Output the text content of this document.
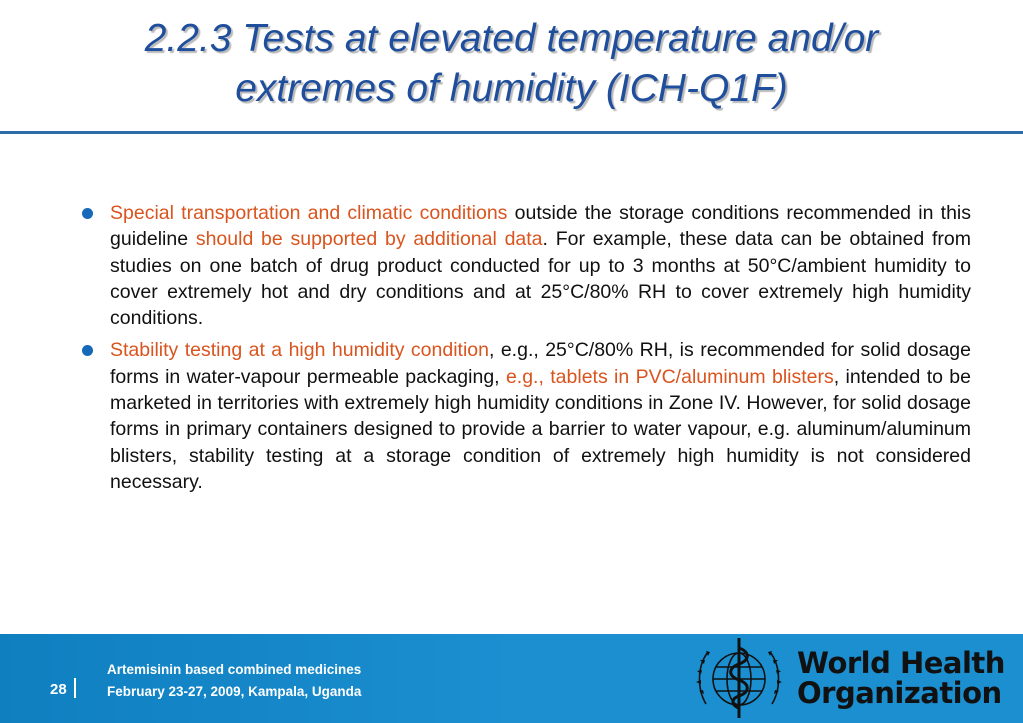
2.2.3 Tests at elevated temperature and/or
extremes of humidity (ICH-Q1F)
Special transportation and climatic conditions outside the storage conditions recommended in this guideline should be supported by additional data. For example, these data can be obtained from studies on one batch of drug product conducted for up to 3 months at 50°C/ambient humidity to cover extremely hot and dry conditions and at 25°C/80% RH to cover extremely high humidity conditions.
Stability testing at a high humidity condition, e.g., 25°C/80% RH, is recommended for solid dosage forms in water-vapour permeable packaging, e.g., tablets in PVC/aluminum blisters, intended to be marketed in territories with extremely high humidity conditions in Zone IV. However, for solid dosage forms in primary containers designed to provide a barrier to water vapour, e.g. aluminum/aluminum blisters, stability testing at a storage condition of extremely high humidity is not considered necessary.
28
Artemisinin based combined medicines
February 23-27, 2009, Kampala, Uganda
World Health
Organization
